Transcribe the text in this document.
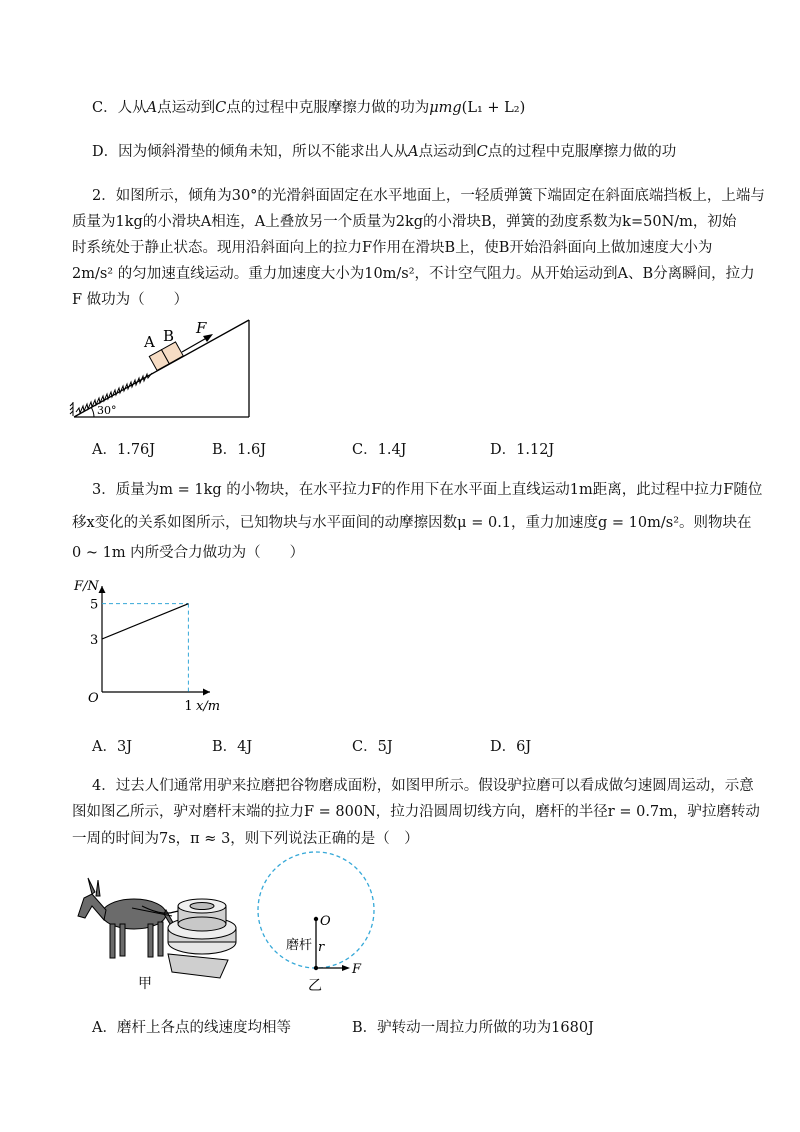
C．人从A点运动到C点的过程中克服摩擦力做的功为μmg(L₁ + L₂)
D．因为倾斜滑垫的倾角未知，所以不能求出人从A点运动到C点的过程中克服摩擦力做的功
2．如图所示，倾角为30°的光滑斜面固定在水平地面上，一轻质弹簧下端固定在斜面底端挡板上，上端与
质量为1kg的小滑块A相连，A上叠放另一个质量为2kg的小滑块B，弹簧的劲度系数为k=50N/m，初始
时系统处于静止状态。现用沿斜面向上的拉力F作用在滑块B上，使B开始沿斜面向上做加速度大小为
2m/s² 的匀加速直线运动。重力加速度大小为10m/s²，不计空气阻力。从开始运动到A、B分离瞬间，拉力
F 做功为（　　）
A B F
30°
A．1.76J	B．1.6J	C．1.4J	D．1.12J
3．质量为m = 1kg 的小物块，在水平拉力F的作用下在水平面上直线运动1m距离，此过程中拉力F随位
移x变化的关系如图所示，已知物块与水平面间的动摩擦因数μ = 0.1，重力加速度g = 10m/s²。则物块在
0 ~ 1m 内所受合力做功为（　　）
F/N
x/m
O
3
5
1
A．3J	B．4J	C．5J	D．6J
4．过去人们通常用驴来拉磨把谷物磨成面粉，如图甲所示。假设驴拉磨可以看成做匀速圆周运动，示意
图如图乙所示，驴对磨杆末端的拉力F = 800N，拉力沿圆周切线方向，磨杆的半径r = 0.7m，驴拉磨转动
一周的时间为7s，π ≈ 3，则下列说法正确的是（　）
甲
O
磨杆 r
F
乙
A．磨杆上各点的线速度均相等	B．驴转动一周拉力所做的功为1680J
